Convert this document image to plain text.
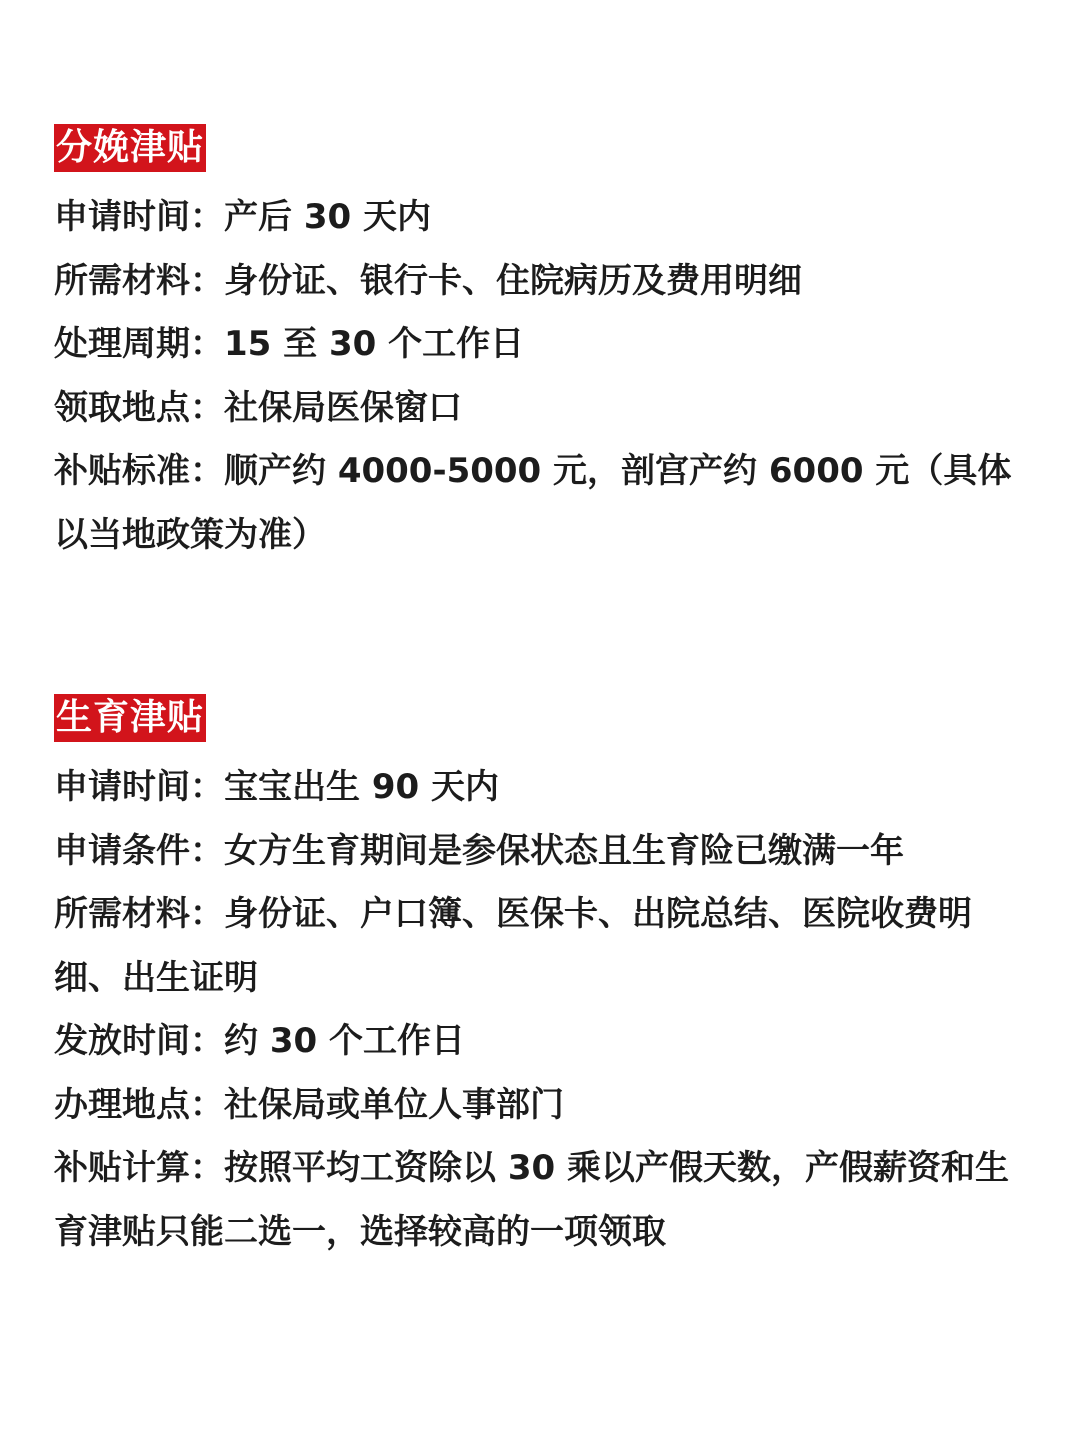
分娩津贴
申请时间：产后 30 天内
所需材料：身份证、银行卡、住院病历及费用明细
处理周期：15 至 30 个工作日
领取地点：社保局医保窗口
补贴标准：顺产约 4000-5000 元，剖宫产约 6000 元（具体以当地政策为准）
生育津贴
申请时间：宝宝出生 90 天内
申请条件：女方生育期间是参保状态且生育险已缴满一年
所需材料：身份证、户口簿、医保卡、出院总结、医院收费明细、出生证明
发放时间：约 30 个工作日
办理地点：社保局或单位人事部门
补贴计算：按照平均工资除以 30 乘以产假天数，产假薪资和生育津贴只能二选一，选择较高的一项领取
